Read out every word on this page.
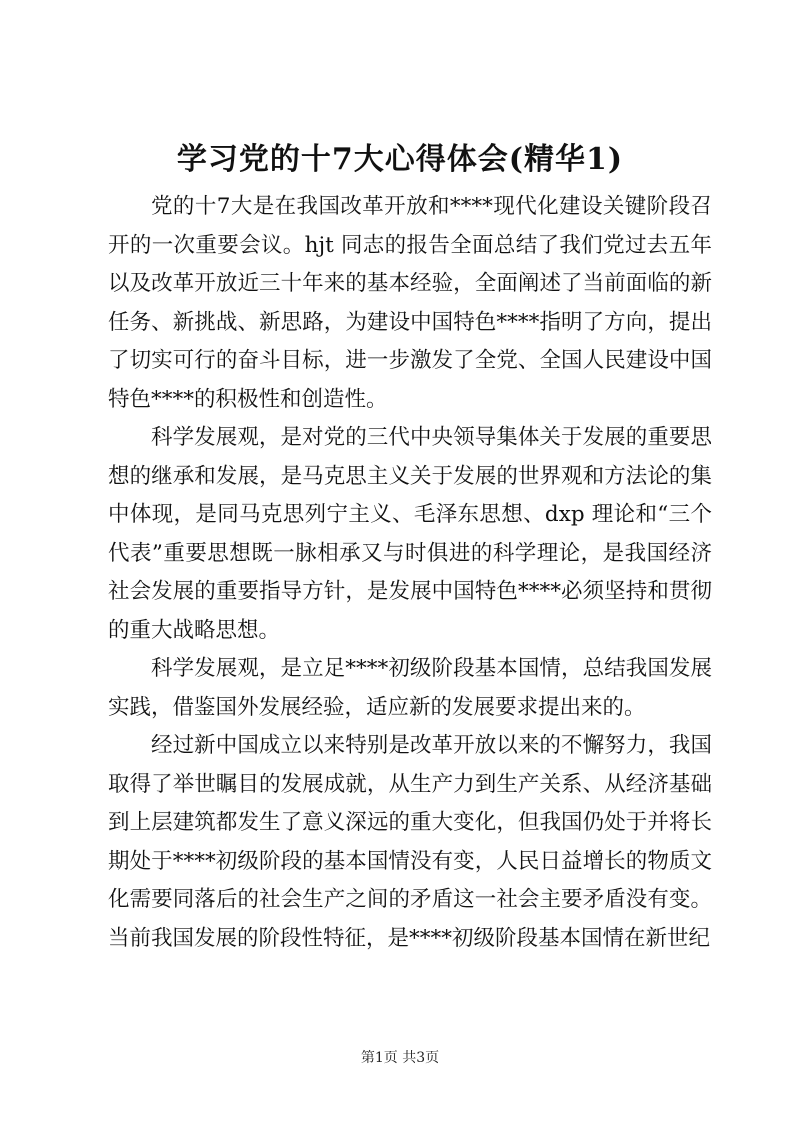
学习党的十7大心得体会(精华1)

党的十7大是在我国改革开放和****现代化建设关键阶段召开的一次重要会议。hjt 同志的报告全面总结了我们党过去五年以及改革开放近三十年来的基本经验，全面阐述了当前面临的新任务、新挑战、新思路，为建设中国特色****指明了方向，提出了切实可行的奋斗目标，进一步激发了全党、全国人民建设中国特色****的积极性和创造性。

科学发展观，是对党的三代中央领导集体关于发展的重要思想的继承和发展，是马克思主义关于发展的世界观和方法论的集中体现，是同马克思列宁主义、毛泽东思想、dxp 理论和“三个代表”重要思想既一脉相承又与时俱进的科学理论，是我国经济社会发展的重要指导方针，是发展中国特色****必须坚持和贯彻的重大战略思想。

科学发展观，是立足****初级阶段基本国情，总结我国发展实践，借鉴国外发展经验，适应新的发展要求提出来的。

经过新中国成立以来特别是改革开放以来的不懈努力，我国取得了举世瞩目的发展成就，从生产力到生产关系、从经济基础到上层建筑都发生了意义深远的重大变化，但我国仍处于并将长期处于****初级阶段的基本国情没有变，人民日益增长的物质文化需要同落后的社会生产之间的矛盾这一社会主要矛盾没有变。当前我国发展的阶段性特征，是****初级阶段基本国情在新世纪

第1页 共3页
